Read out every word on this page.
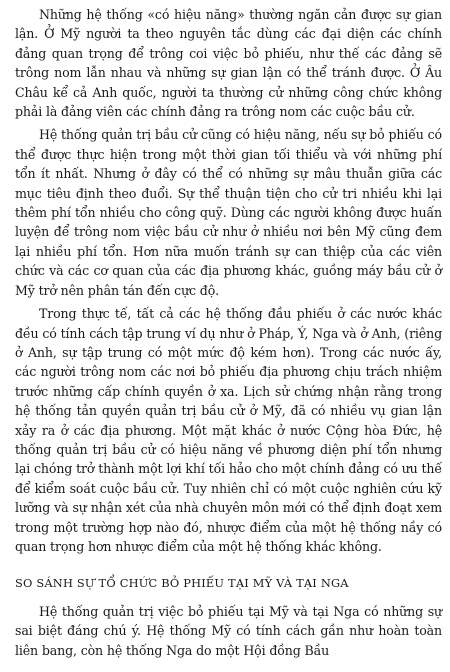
Những hệ thống «có hiệu năng» thường ngăn cản được sự gian lận. Ở Mỹ người ta theo nguyên tắc dùng các đại diện các chính đảng quan trọng để trông coi việc bỏ phiếu, như thế các đảng sẽ trông nom lẫn nhau và những sự gian lận có thể tránh được. Ở Âu Châu kể cả Anh quốc, người ta thường cử những công chức không phải là đảng viên các chính đảng ra trông nom các cuộc bầu cử.

Hệ thống quản trị bầu cử cũng có hiệu năng, nếu sự bỏ phiếu có thể được thực hiện trong một thời gian tối thiểu và với những phí tổn ít nhất. Nhưng ở đây có thể có những sự mâu thuẫn giữa các mục tiêu định theo đuổi. Sự thể thuận tiện cho cử tri nhiều khi lại thêm phí tổn nhiều cho công quỹ. Dùng các người không được huấn luyện để trông nom việc bầu cử như ở nhiều nơi bên Mỹ cũng đem lại nhiều phí tổn. Hơn nữa muốn tránh sự can thiệp của các viên chức và các cơ quan của các địa phương khác, guồng máy bầu cử ở Mỹ trở nên phân tán đến cực độ.

Trong thực tế, tất cả các hệ thống đầu phiếu ở các nước khác đều có tính cách tập trung ví dụ như ở Pháp, Ý, Nga và ở Anh, (riêng ở Anh, sự tập trung có một mức độ kém hơn). Trong các nước ấy, các người trông nom các nơi bỏ phiếu địa phương chịu trách nhiệm trước những cấp chính quyền ở xa. Lịch sử chứng nhận rằng trong hệ thống tản quyền quản trị bầu cử ở Mỹ, đã có nhiều vụ gian lận xảy ra ở các địa phương. Một mặt khác ở nước Cộng hòa Đức, hệ thống quản trị bầu cử có hiệu năng về phương diện phí tổn nhưng lại chóng trở thành một lợi khí tối hảo cho một chính đảng có ưu thế để kiểm soát cuộc bầu cử. Tuy nhiên chỉ có một cuộc nghiên cứu kỹ lưỡng và sự nhận xét của nhà chuyên môn mới có thể định đoạt xem trong một trường hợp nào đó, nhược điểm của một hệ thống nầy có quan trọng hơn nhược điểm của một hệ thống khác không.

SO SÁNH SỰ TỔ CHỨC BỎ PHIẾU TẠI MỸ VÀ TẠI NGA

Hệ thống quản trị việc bỏ phiếu tại Mỹ và tại Nga có những sự sai biệt đáng chú ý. Hệ thống Mỹ có tính cách gần như hoàn toàn liên bang, còn hệ thống Nga do một Hội đồng Bầu
